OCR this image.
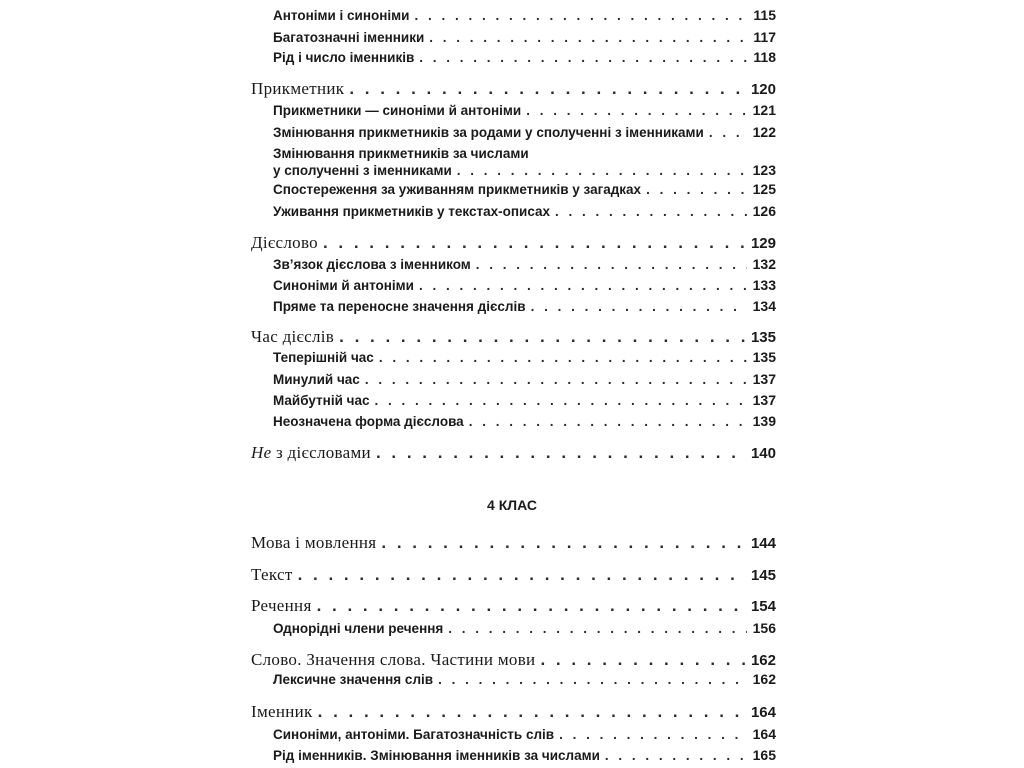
Антоніми і синоніми . . .	115
Багатозначні іменники . . .	117
Рід і число іменників . . .	118
Прикметник . . .	120
Прикметники — синоніми й антоніми . . .	121
Змінювання прикметників за родами у сполученні з іменниками . . .	122
Змінювання прикметників за числами
у сполученні з іменниками . . .	123
Спостереження за уживанням прикметників у загадках . . .	125
Уживання прикметників у текстах-описах . . .	126
Дієслово . . .	129
Зв’язок дієслова з іменником . . .	132
Синоніми й антоніми . . .	133
Пряме та переносне значення дієслів . . .	134
Час дієслів . . .	135
Теперішній час . . .	135
Минулий час . . .	137
Майбутній час . . .	137
Неозначена форма дієслова . . .	139
Не з дієсловами . . .	140
4 КЛАС
Мова і мовлення . . .	144
Текст . . .	145
Речення . . .	154
Однорідні члени речення . . .	156
Слово. Значення слова. Частини мови . . .	162
Лексичне значення слів . . .	162
Іменник . . .	164
Синоніми, антоніми. Багатозначність слів . . .	164
Рід іменників. Змінювання іменників за числами . . .	165
